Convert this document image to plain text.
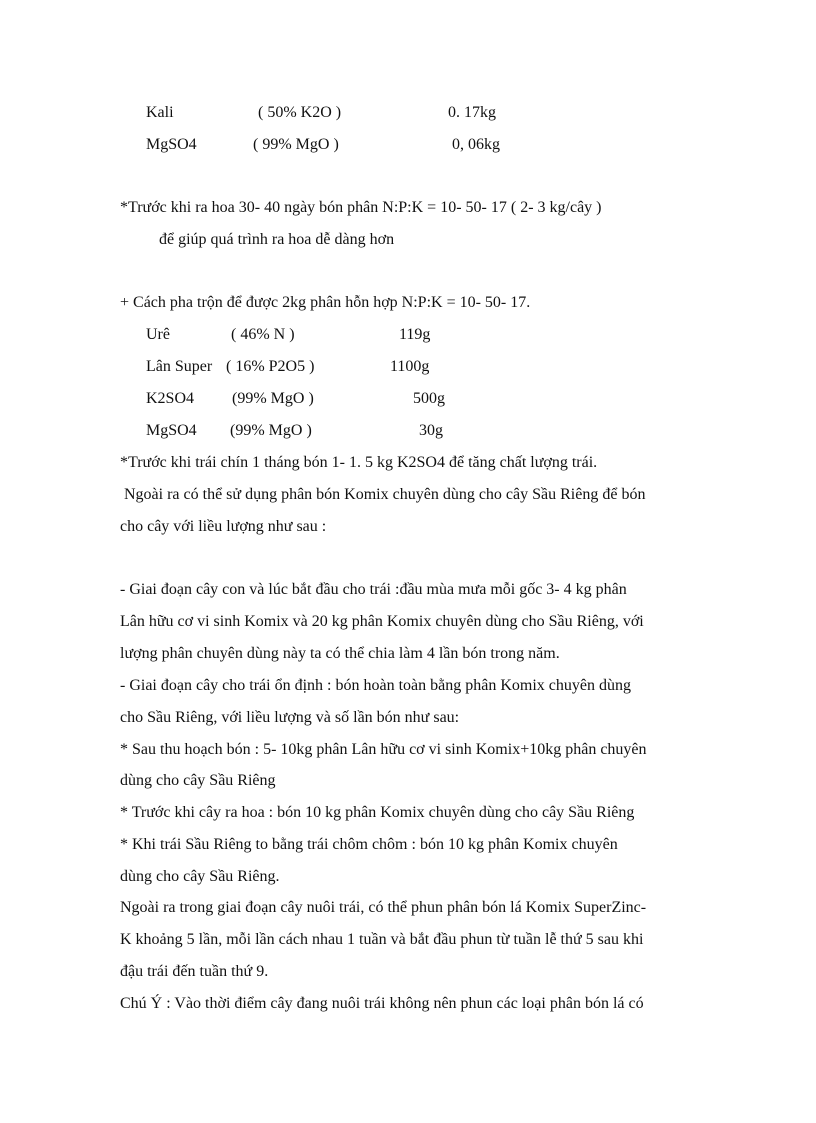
Kali	( 50% K2O )	0. 17kg
MgSO4	( 99% MgO )	0, 06kg
*Trước khi ra hoa 30- 40 ngày bón phân N:P:K = 10- 50- 17 ( 2- 3 kg/cây )
để giúp quá trình ra hoa dễ dàng hơn
+ Cách pha trộn để được 2kg phân hỗn hợp N:P:K = 10- 50- 17.
Urê	( 46% N )	119g
Lân Super ( 16% P2O5 )	1100g
K2SO4 (99% MgO )	500g
MgSO4 (99% MgO )	30g
*Trước khi trái chín 1 tháng bón 1- 1. 5 kg K2SO4 để tăng chất lượng trái.
Ngoài ra có thể sử dụng phân bón Komix chuyên dùng cho cây Sầu Riêng để bón
cho cây với liều lượng như sau :
- Giai đoạn cây con và lúc bắt đầu cho trái :đầu mùa mưa mỗi gốc 3- 4 kg phân
Lân hữu cơ vi sinh Komix và 20 kg phân Komix chuyên dùng cho Sầu Riêng, với
lượng phân chuyên dùng này ta có thể chia làm 4 lần bón trong năm.
- Giai đoạn cây cho trái ổn định : bón hoàn toàn bằng phân Komix chuyên dùng
cho Sầu Riêng, với liều lượng và số lần bón như sau:
* Sau thu hoạch bón : 5- 10kg phân Lân hữu cơ vi sinh Komix+10kg phân chuyên
dùng cho cây Sầu Riêng
* Trước khi cây ra hoa : bón 10 kg phân Komix chuyên dùng cho cây Sầu Riêng
* Khi trái Sầu Riêng to bằng trái chôm chôm : bón 10 kg phân Komix chuyên
dùng cho cây Sầu Riêng.
Ngoài ra trong giai đoạn cây nuôi trái, có thể phun phân bón lá Komix SuperZinc-
K khoảng 5 lần, mỗi lần cách nhau 1 tuần và bắt đầu phun từ tuần lễ thứ 5 sau khi
đậu trái đến tuần thứ 9.
Chú Ý : Vào thời điểm cây đang nuôi trái không nên phun các loại phân bón lá có
